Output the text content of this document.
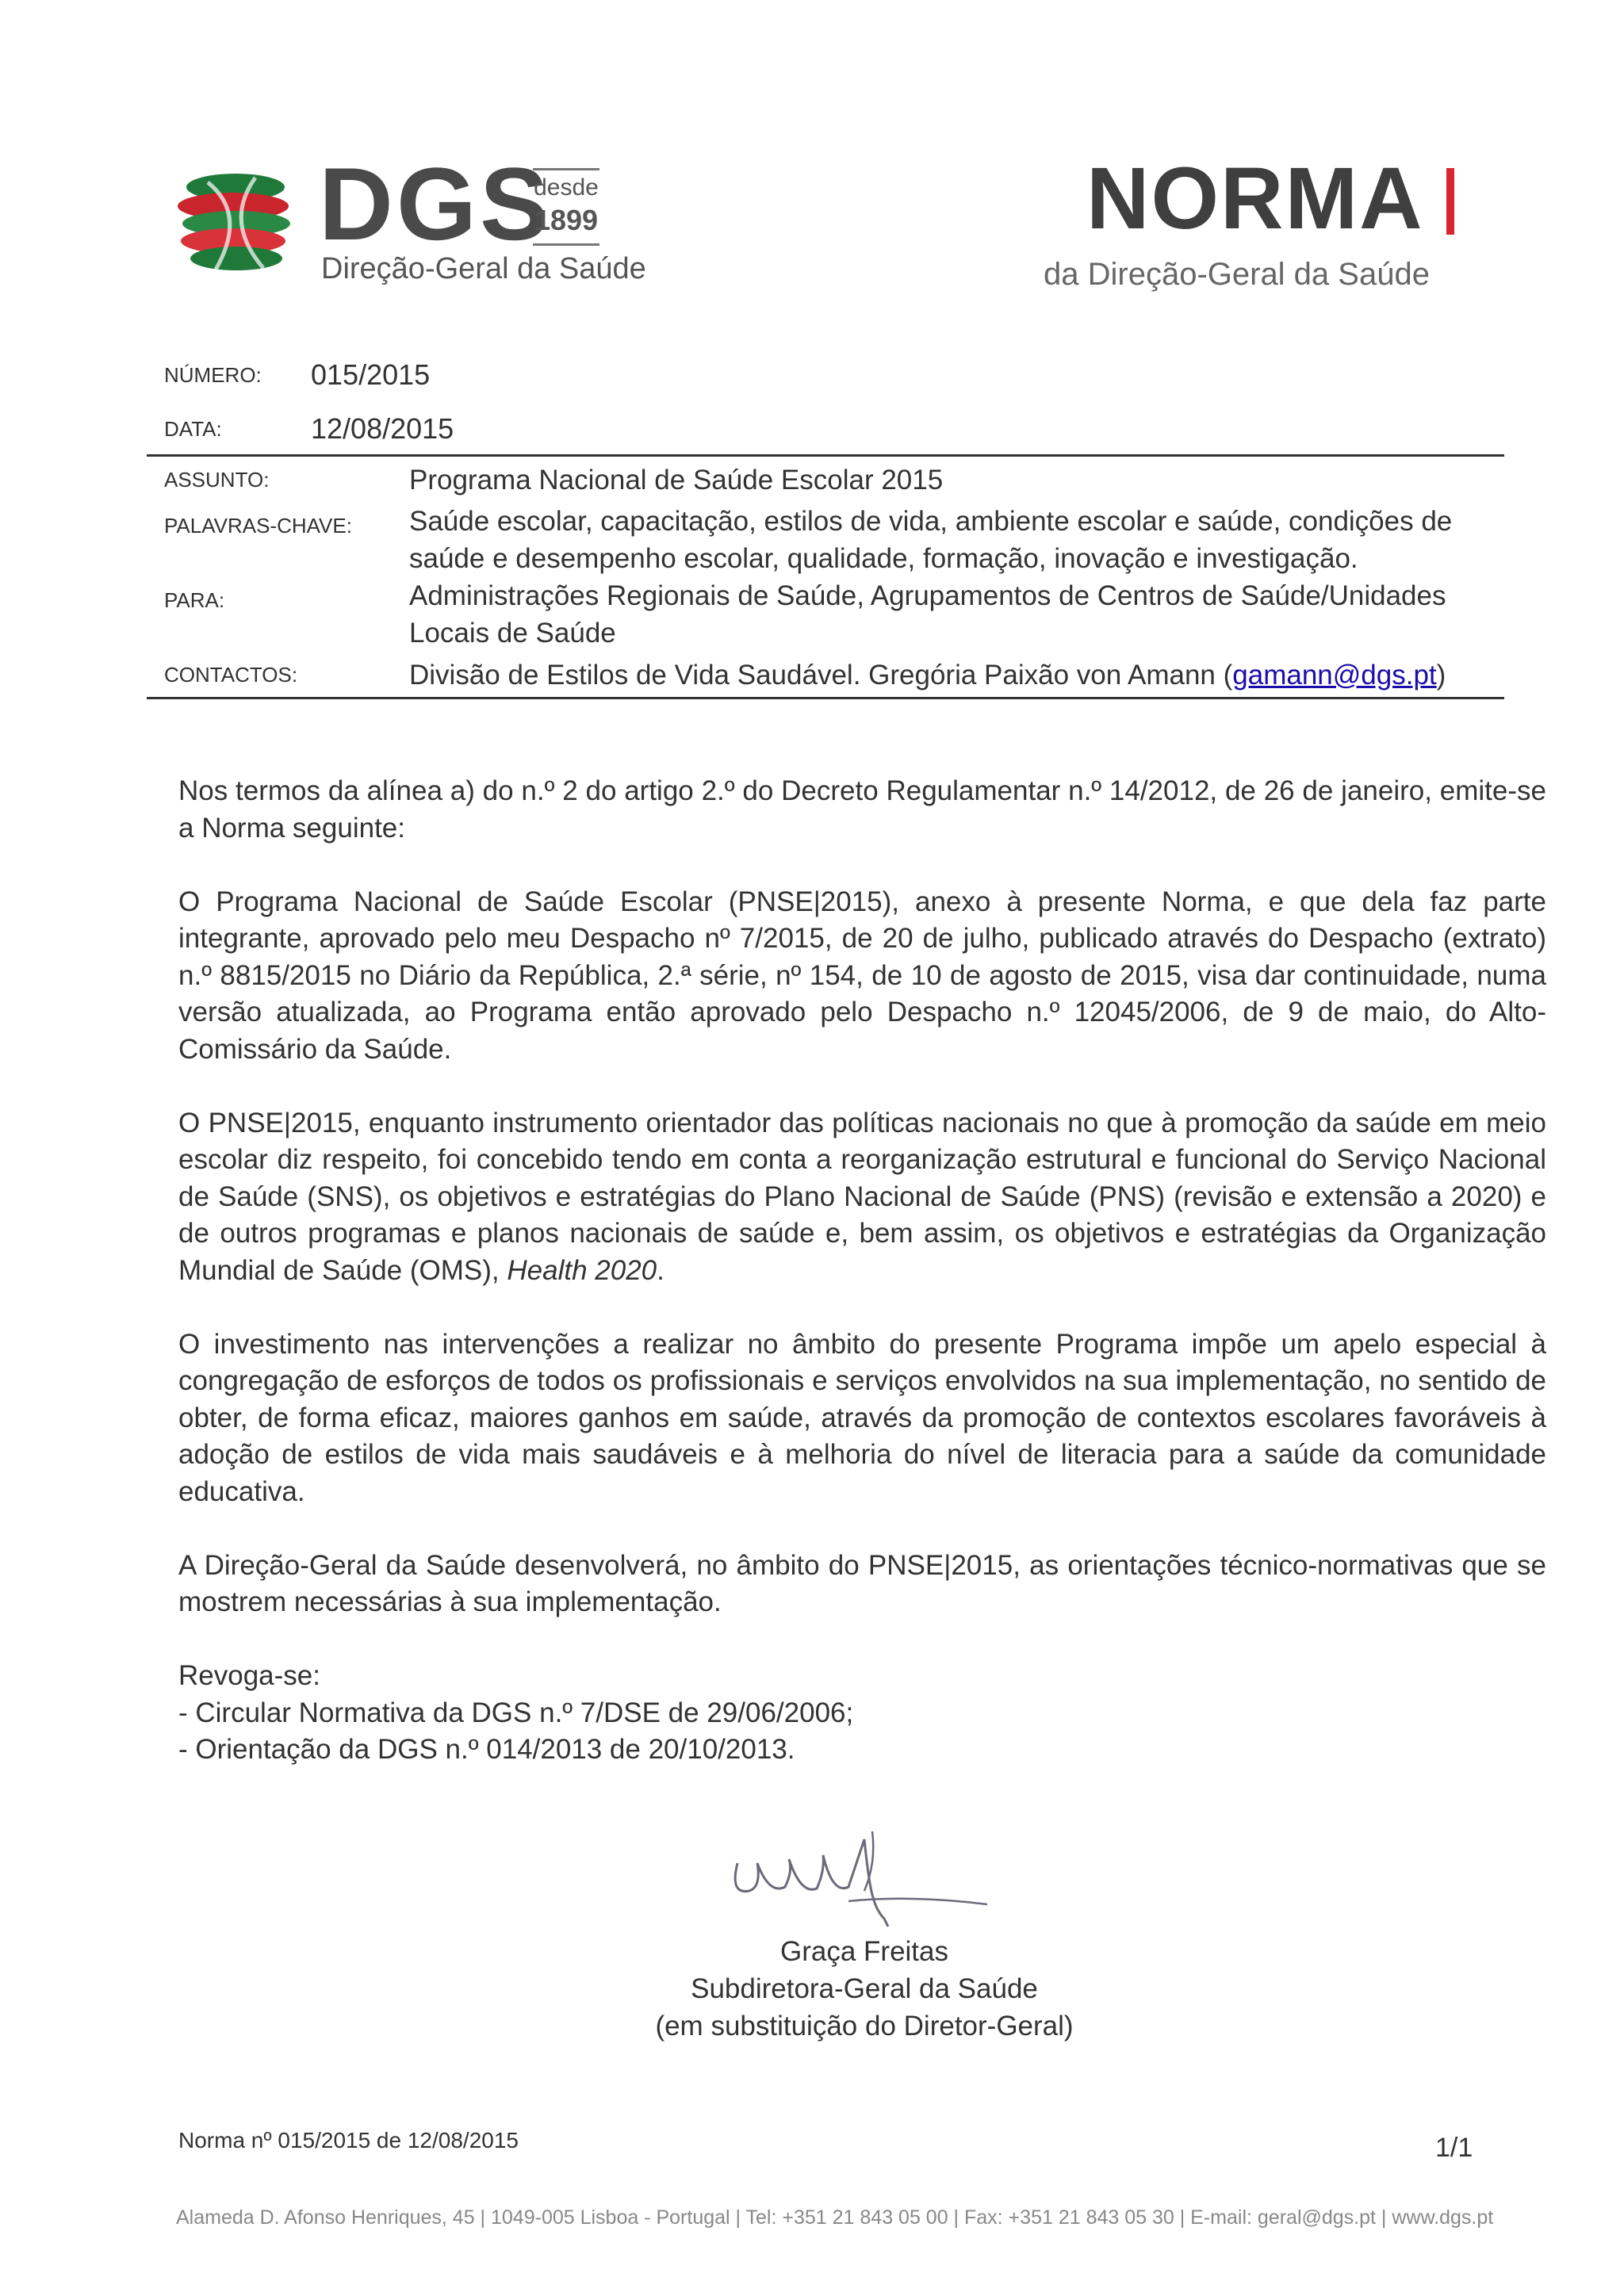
DGS
desde
1899
Direção-Geral da Saúde
NORMA
da Direção-Geral da Saúde
NÚMERO: 015/2015
DATA:	12/08/2015
ASSUNTO:	Programa Nacional de Saúde Escolar 2015
PALAVRAS-CHAVE: Saúde escolar, capacitação, estilos de vida, ambiente escolar e saúde, condições de
saúde e desempenho escolar, qualidade, formação, inovação e investigação.
PARA:	Administrações Regionais de Saúde, Agrupamentos de Centros de Saúde/Unidades
Locais de Saúde
CONTACTOS:	Divisão de Estilos de Vida Saudável. Gregória Paixão von Amann (gamann@dgs.pt)

Nos termos da alínea a) do n.º 2 do artigo 2.º do Decreto Regulamentar n.º 14/2012, de 26 de janeiro, emite-se a Norma seguinte:

O Programa Nacional de Saúde Escolar (PNSE|2015), anexo à presente Norma, e que dela faz parte integrante, aprovado pelo meu Despacho nº 7/2015, de 20 de julho, publicado através do Despacho (extrato) n.º 8815/2015 no Diário da República, 2.ª série, nº 154, de 10 de agosto de 2015, visa dar continuidade, numa versão atualizada, ao Programa então aprovado pelo Despacho n.º 12045/2006, de 9 de maio, do Alto-Comissário da Saúde.

O PNSE|2015, enquanto instrumento orientador das políticas nacionais no que à promoção da saúde em meio escolar diz respeito, foi concebido tendo em conta a reorganização estrutural e funcional do Serviço Nacional de Saúde (SNS), os objetivos e estratégias do Plano Nacional de Saúde (PNS) (revisão e extensão a 2020) e de outros programas e planos nacionais de saúde e, bem assim, os objetivos e estratégias da Organização Mundial de Saúde (OMS), Health 2020.

O investimento nas intervenções a realizar no âmbito do presente Programa impõe um apelo especial à congregação de esforços de todos os profissionais e serviços envolvidos na sua implementação, no sentido de obter, de forma eficaz, maiores ganhos em saúde, através da promoção de contextos escolares favoráveis à adoção de estilos de vida mais saudáveis e à melhoria do nível de literacia para a saúde da comunidade educativa.

A Direção-Geral da Saúde desenvolverá, no âmbito do PNSE|2015, as orientações técnico-normativas que se mostrem necessárias à sua implementação.

Revoga-se:

- Circular Normativa da DGS n.º 7/DSE de 29/06/2006;

- Orientação da DGS n.º 014/2013 de 20/10/2013.

Graça Freitas
Subdiretora-Geral da Saúde
(em substituição do Diretor-Geral)
Norma nº 015/2015 de 12/08/2015	1/1
Alameda D. Afonso Henriques, 45 | 1049-005 Lisboa - Portugal | Tel: +351 21 843 05 00 | Fax: +351 21 843 05 30 | E-mail: geral@dgs.pt | www.dgs.pt
